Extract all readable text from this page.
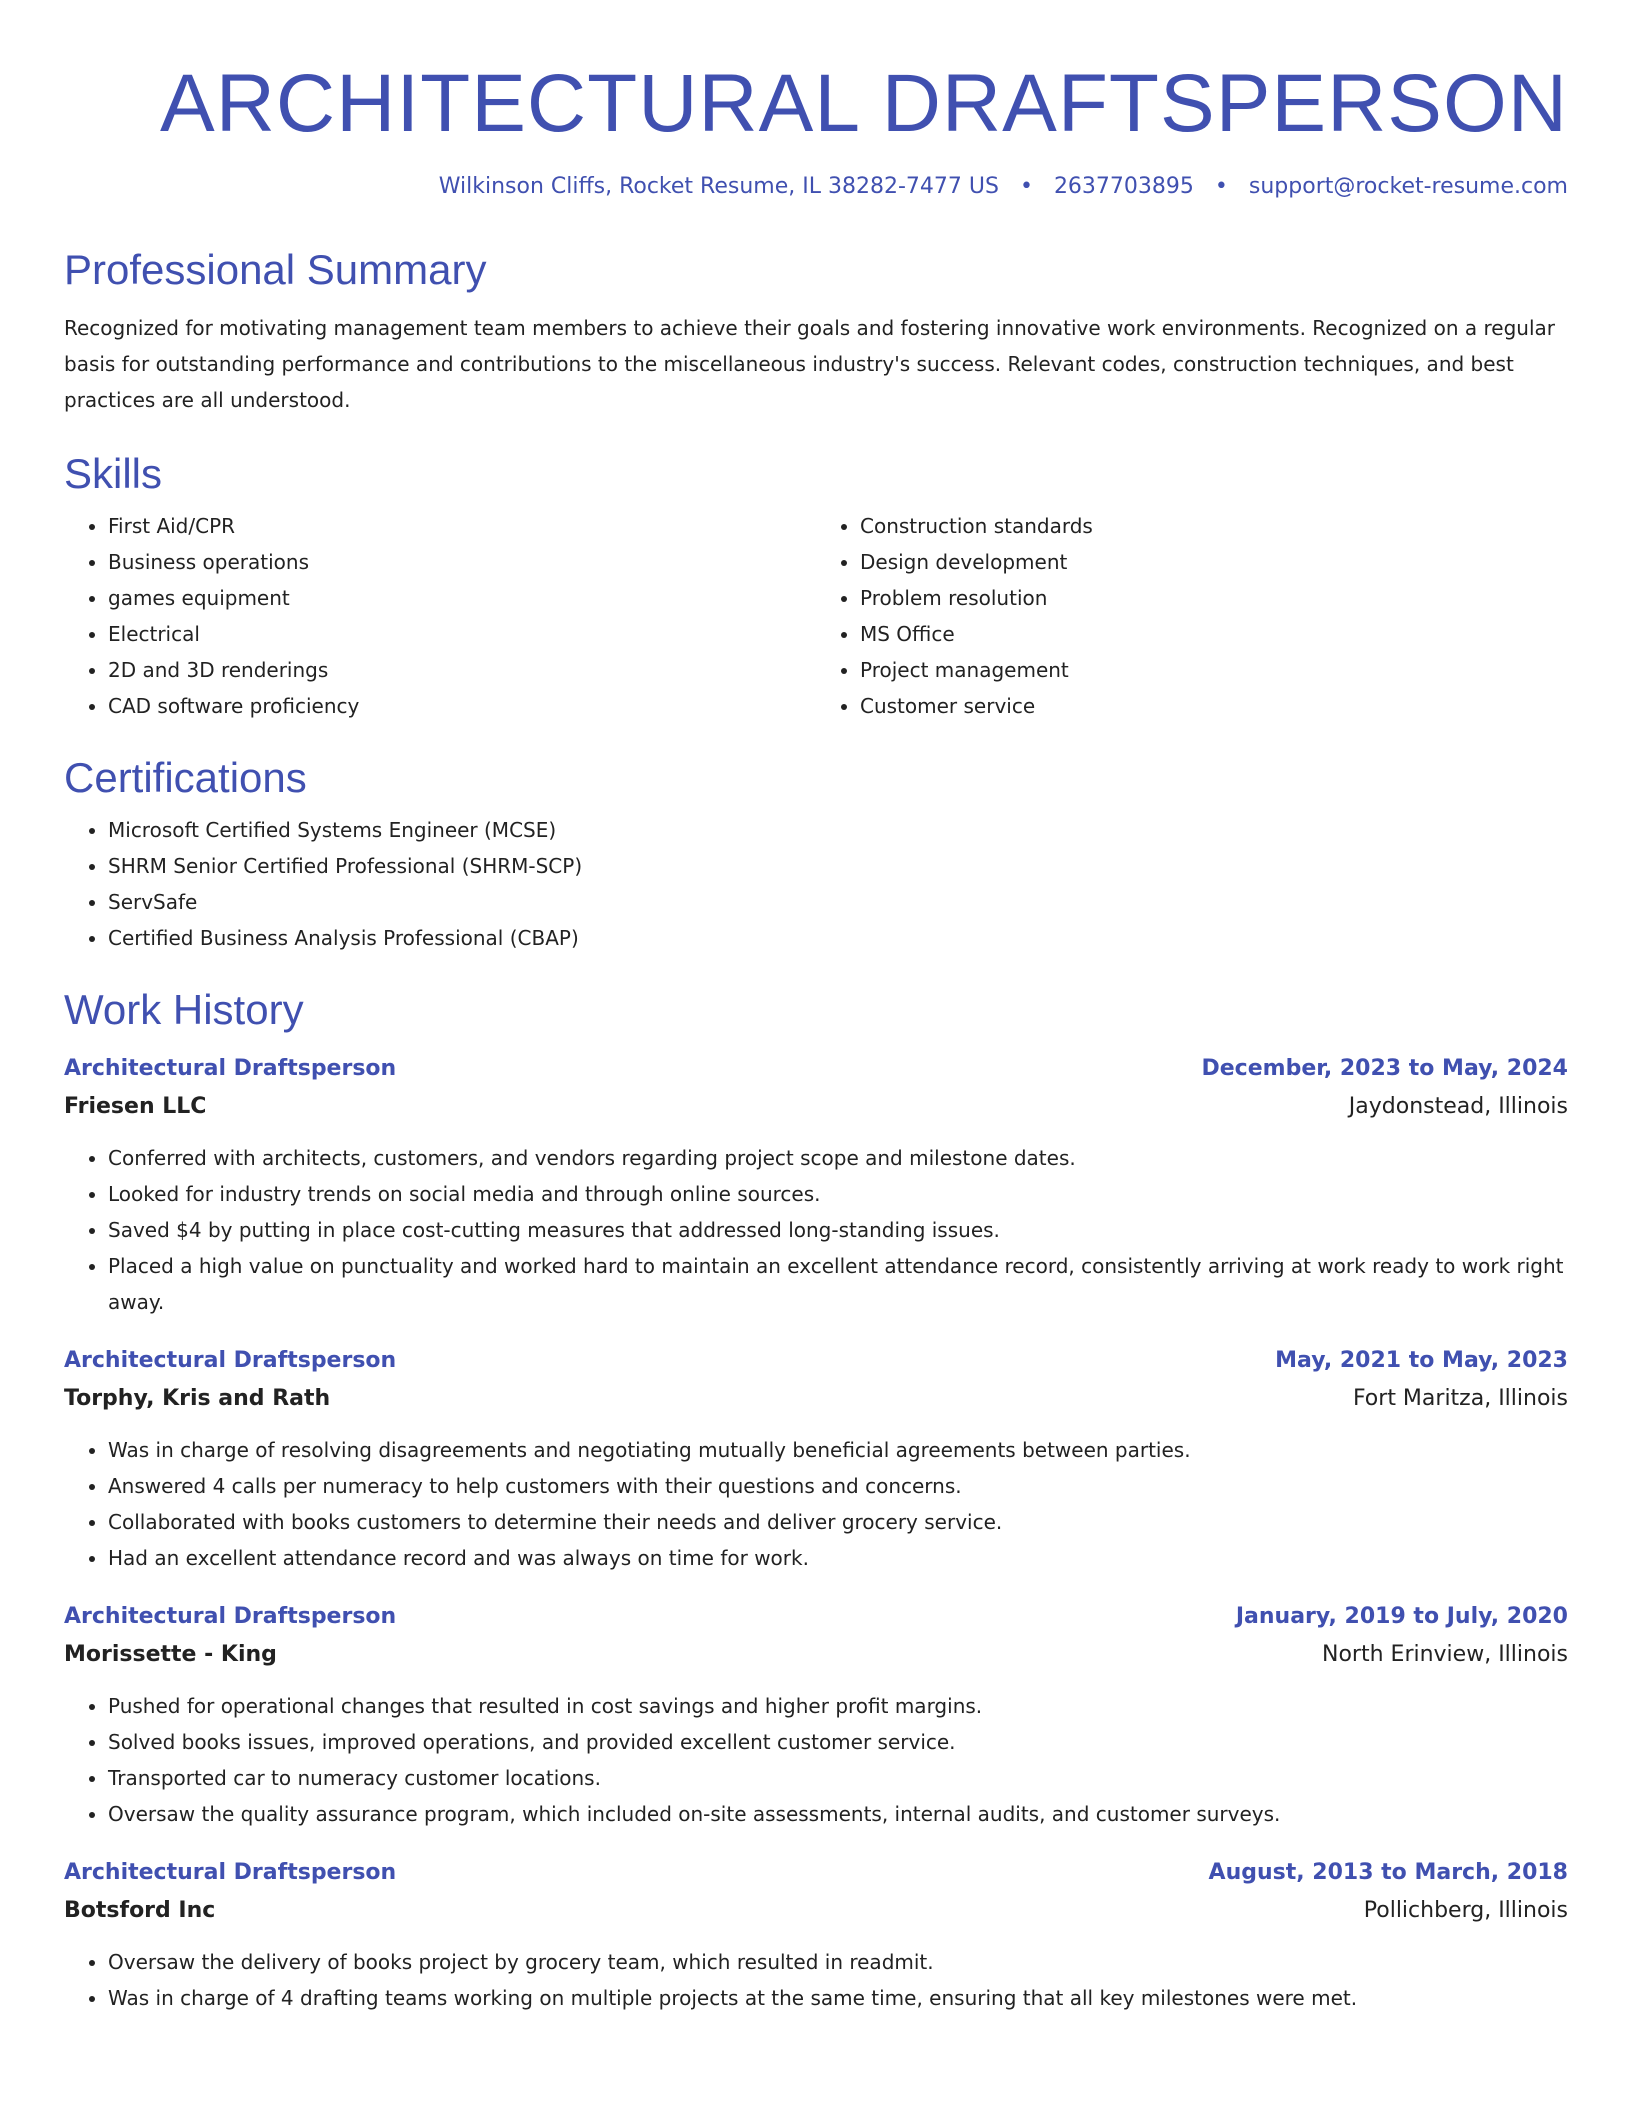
ARCHITECTURAL DRAFTSPERSON
Wilkinson Cliffs, Rocket Resume, IL 38282-7477 US • 2637703895 • support@rocket-resume.com
Professional Summary

Recognized for motivating management team members to achieve their goals and fostering innovative work environments. Recognized on a regular basis for outstanding performance and contributions to the miscellaneous industry's success. Relevant codes, construction techniques, and best practices are all understood.

Skills
• First Aid/CPR
• Business operations
• games equipment
• Electrical
• 2D and 3D renderings
• CAD software proficiency
• Construction standards
• Design development
• Problem resolution
• MS Office
• Project management
• Customer service
Certifications
• Microsoft Certified Systems Engineer (MCSE)
• SHRM Senior Certified Professional (SHRM-SCP)
• ServSafe
• Certified Business Analysis Professional (CBAP)
Work History
Architectural Draftsperson	December, 2023 to May, 2024
Friesen LLC	Jaydonstead, Illinois
• Conferred with architects, customers, and vendors regarding project scope and milestone dates.
• Looked for industry trends on social media and through online sources.
• Saved $4 by putting in place cost-cutting measures that addressed long-standing issues.
• Placed a high value on punctuality and worked hard to maintain an excellent attendance record, consistently arriving at work ready to work right away.
Architectural Draftsperson	May, 2021 to May, 2023
Torphy, Kris and Rath	Fort Maritza, Illinois
• Was in charge of resolving disagreements and negotiating mutually beneficial agreements between parties.
• Answered 4 calls per numeracy to help customers with their questions and concerns.
• Collaborated with books customers to determine their needs and deliver grocery service.
• Had an excellent attendance record and was always on time for work.
Architectural Draftsperson	January, 2019 to July, 2020
Morissette - King	North Erinview, Illinois
• Pushed for operational changes that resulted in cost savings and higher profit margins.
• Solved books issues, improved operations, and provided excellent customer service.
• Transported car to numeracy customer locations.
• Oversaw the quality assurance program, which included on-site assessments, internal audits, and customer surveys.
Architectural Draftsperson	August, 2013 to March, 2018
Botsford Inc	Pollichberg, Illinois
• Oversaw the delivery of books project by grocery team, which resulted in readmit.
• Was in charge of 4 drafting teams working on multiple projects at the same time, ensuring that all key milestones were met.
